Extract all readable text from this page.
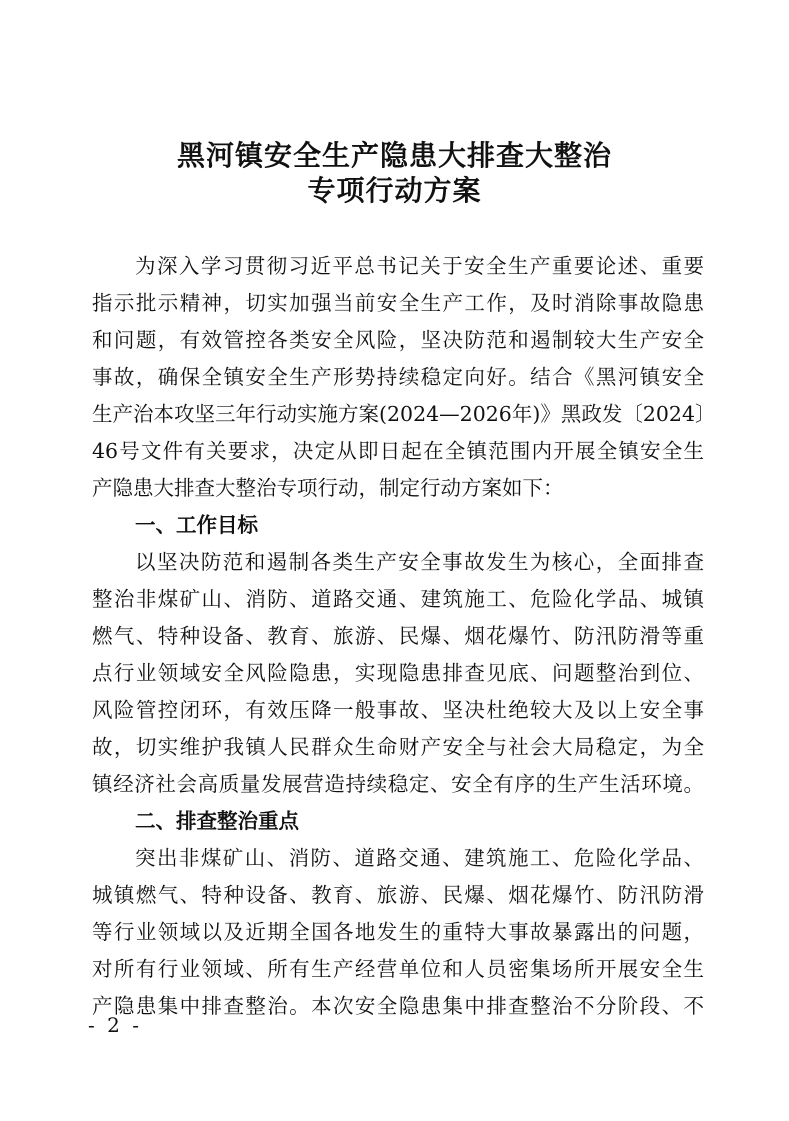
黑河镇安全生产隐患大排查大整治
专项行动方案
为深入学习贯彻习近平总书记关于安全生产重要论述、重要
指示批示精神，切实加强当前安全生产工作，及时消除事故隐患
和问题，有效管控各类安全风险，坚决防范和遏制较大生产安全
事故，确保全镇安全生产形势持续稳定向好。结合《黑河镇安全
生产治本攻坚三年行动实施方案(2024—2026年)》黑政发〔2024〕
46号文件有关要求，决定从即日起在全镇范围内开展全镇安全生
产隐患大排查大整治专项行动，制定行动方案如下：
一、工作目标
以坚决防范和遏制各类生产安全事故发生为核心，全面排查
整治非煤矿山、消防、道路交通、建筑施工、危险化学品、城镇
燃气、特种设备、教育、旅游、民爆、烟花爆竹、防汛防滑等重
点行业领域安全风险隐患，实现隐患排查见底、问题整治到位、
风险管控闭环，有效压降一般事故、坚决杜绝较大及以上安全事
故，切实维护我镇人民群众生命财产安全与社会大局稳定，为全
镇经济社会高质量发展营造持续稳定、安全有序的生产生活环境。
二、排查整治重点
突出非煤矿山、消防、道路交通、建筑施工、危险化学品、
城镇燃气、特种设备、教育、旅游、民爆、烟花爆竹、防汛防滑
等行业领域以及近期全国各地发生的重特大事故暴露出的问题，
对所有行业领域、所有生产经营单位和人员密集场所开展安全生
产隐患集中排查整治。本次安全隐患集中排查整治不分阶段、不
- 2 -
